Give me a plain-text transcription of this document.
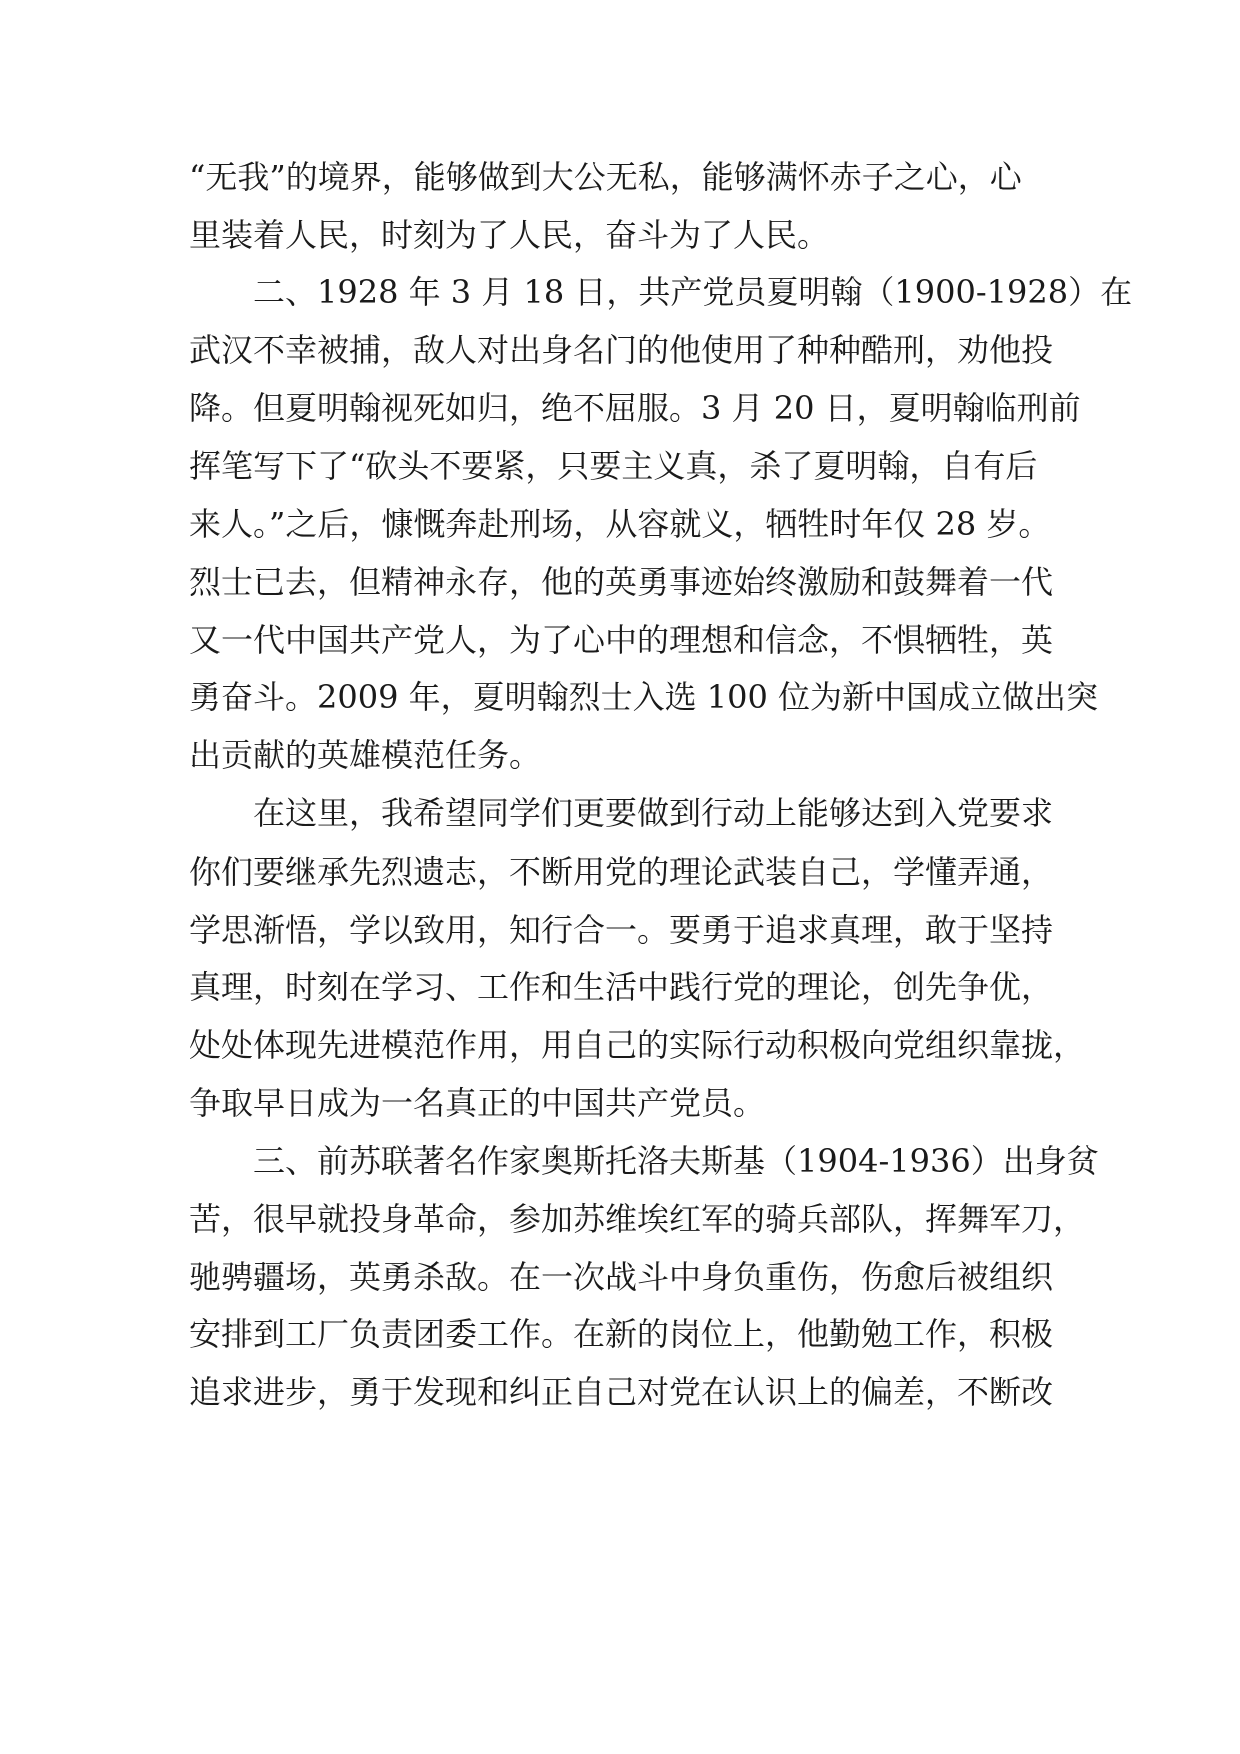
“无我”的境界，能够做到大公无私，能够满怀赤子之心，心
里装着人民，时刻为了人民，奋斗为了人民。
二、1928 年 3 月 18 日，共产党员夏明翰（1900-1928）在
武汉不幸被捕，敌人对出身名门的他使用了种种酷刑，劝他投
降。但夏明翰视死如归，绝不屈服。3 月 20 日，夏明翰临刑前
挥笔写下了“砍头不要紧，只要主义真，杀了夏明翰，自有后
来人。”之后，慷慨奔赴刑场，从容就义，牺牲时年仅 28 岁。
烈士已去，但精神永存，他的英勇事迹始终激励和鼓舞着一代
又一代中国共产党人，为了心中的理想和信念，不惧牺牲，英
勇奋斗。2009 年，夏明翰烈士入选 100 位为新中国成立做出突
出贡献的英雄模范任务。
在这里，我希望同学们更要做到行动上能够达到入党要求
你们要继承先烈遗志，不断用党的理论武装自己，学懂弄通，
学思渐悟，学以致用，知行合一。要勇于追求真理，敢于坚持
真理，时刻在学习、工作和生活中践行党的理论，创先争优，
处处体现先进模范作用，用自己的实际行动积极向党组织靠拢，
争取早日成为一名真正的中国共产党员。
三、前苏联著名作家奥斯托洛夫斯基（1904-1936）出身贫
苦，很早就投身革命，参加苏维埃红军的骑兵部队，挥舞军刀，
驰骋疆场，英勇杀敌。在一次战斗中身负重伤，伤愈后被组织
安排到工厂负责团委工作。在新的岗位上，他勤勉工作，积极
追求进步，勇于发现和纠正自己对党在认识上的偏差，不断改
